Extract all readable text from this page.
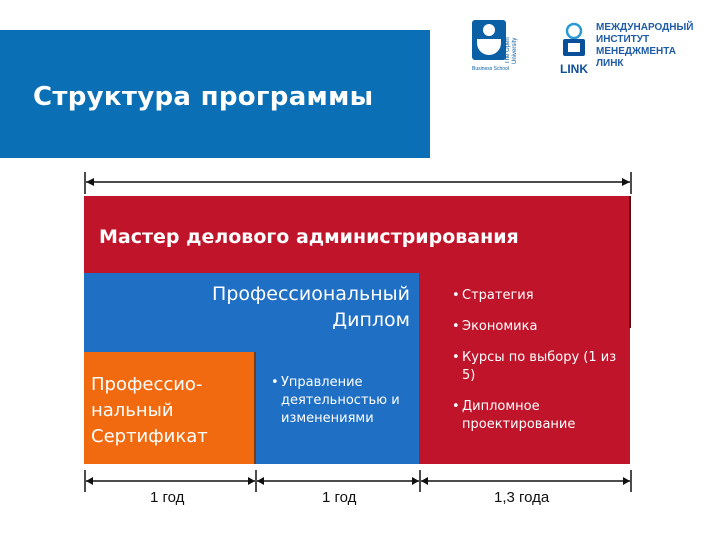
Структура программы
The Open University
Business School	LINK
МЕЖДУНАРОДНЫЙ
ИНСТИТУТ
МЕНЕДЖМЕНТА ЛИНК
Мастер делового администрирования
Профессиональный
Диплом
Профессио-
нальный
Сертификат
• Управление деятельностью и изменениями
• Стратегия
• Экономика
• Курсы по выбору (1 из 5)
• Дипломное проектирование
1 год	1 год	1,3 года
